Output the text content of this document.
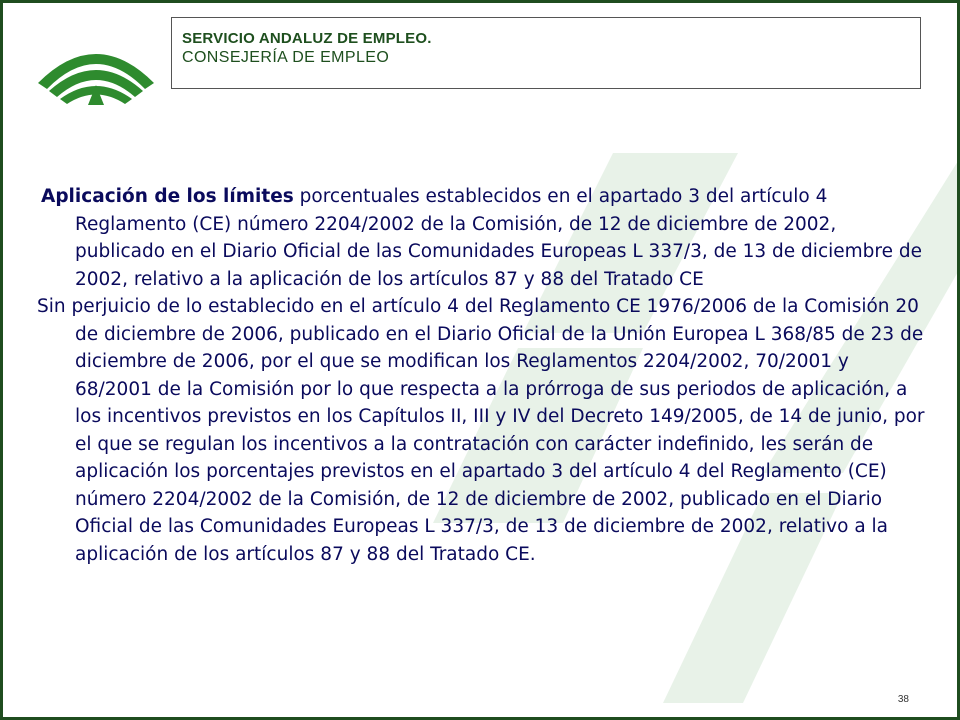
SERVICIO ANDALUZ DE EMPLEO.
CONSEJERÍA DE EMPLEO

Aplicación de los límites porcentuales establecidos en el apartado 3 del artículo 4 Reglamento (CE) número 2204/2002 de la Comisión, de 12 de diciembre de 2002, publicado en el Diario Oficial de las Comunidades Europeas L 337/3, de 13 de diciembre de 2002, relativo a la aplicación de los artículos 87 y 88 del Tratado CE

Sin perjuicio de lo establecido en el artículo 4 del Reglamento CE 1976/2006 de la Comisión 20 de diciembre de 2006, publicado en el Diario Oficial de la Unión Europea L 368/85 de 23 de diciembre de 2006, por el que se modifican los Reglamentos 2204/2002, 70/2001 y 68/2001 de la Comisión por lo que respecta a la prórroga de sus periodos de aplicación, a los incentivos previstos en los Capítulos II, III y IV del Decreto 149/2005, de 14 de junio, por el que se regulan los incentivos a la contratación con carácter indefinido, les serán de aplicación los porcentajes previstos en el apartado 3 del artículo 4 del Reglamento (CE) número 2204/2002 de la Comisión, de 12 de diciembre de 2002, publicado en el Diario Oficial de las Comunidades Europeas L 337/3, de 13 de diciembre de 2002, relativo a la aplicación de los artículos 87 y 88 del Tratado CE.

38
